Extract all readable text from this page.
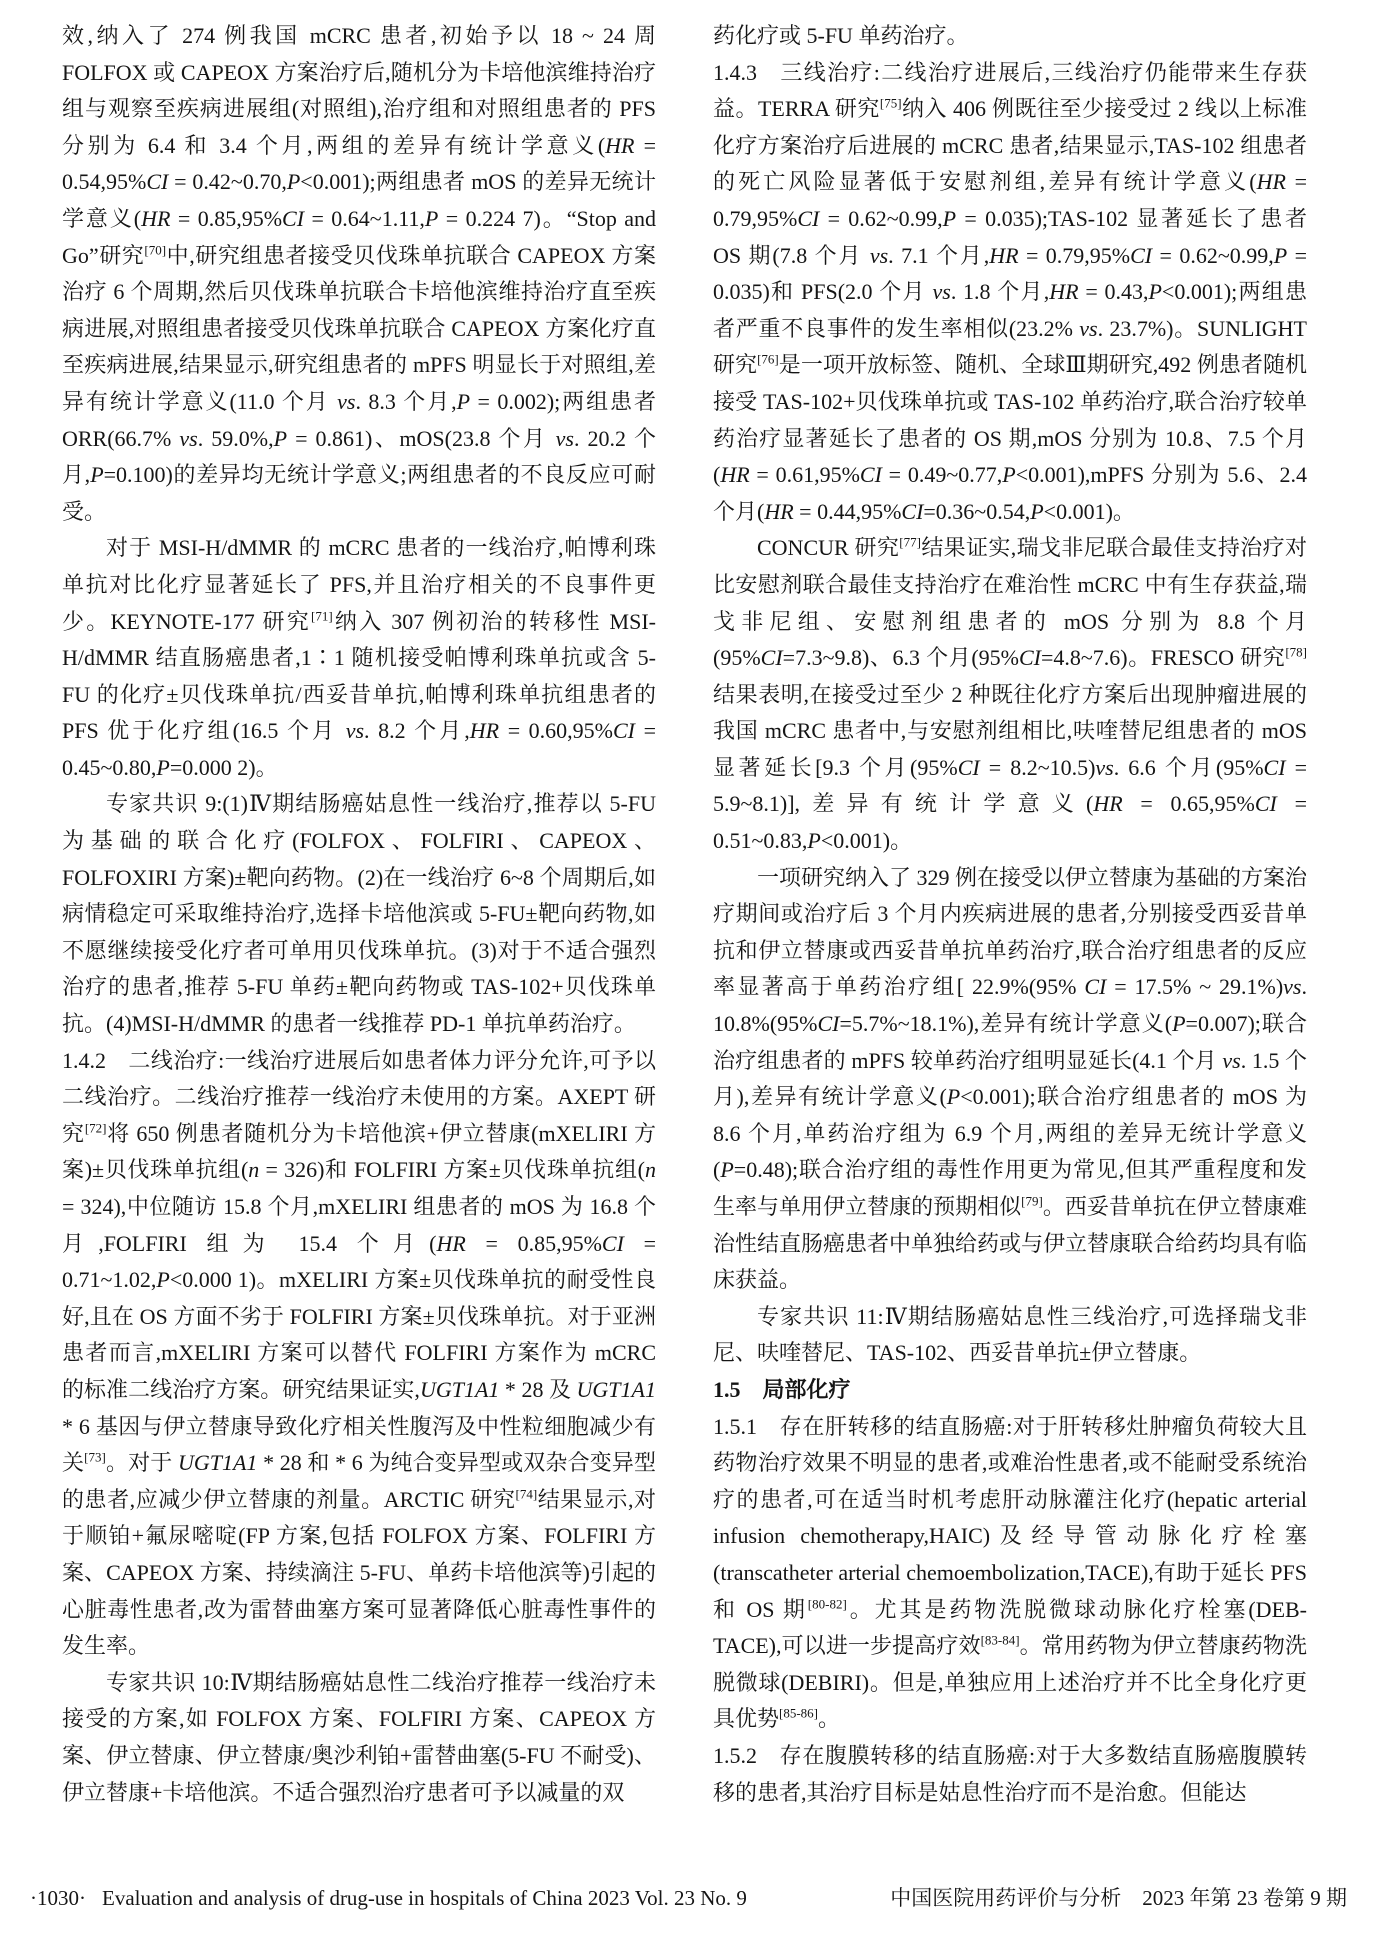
效,纳入了 274 例我国 mCRC 患者,初始予以 18 ~ 24 周 FOLFOX 或 CAPEOX 方案治疗后,随机分为卡培他滨维持治疗组与观察至疾病进展组(对照组),治疗组和对照组患者的 PFS 分别为 6.4 和 3.4 个月,两组的差异有统计学意义(HR = 0.54,95%CI = 0.42~0.70,P<0.001);两组患者 mOS 的差异无统计学意义(HR = 0.85,95%CI = 0.64~1.11,P = 0.224 7)。“Stop and Go”研究[70]中,研究组患者接受贝伐珠单抗联合 CAPEOX 方案治疗 6 个周期,然后贝伐珠单抗联合卡培他滨维持治疗直至疾病进展,对照组患者接受贝伐珠单抗联合 CAPEOX 方案化疗直至疾病进展,结果显示,研究组患者的 mPFS 明显长于对照组,差异有统计学意义(11.0 个月 vs. 8.3 个月,P = 0.002);两组患者 ORR(66.7% vs. 59.0%,P = 0.861)、mOS(23.8 个月 vs. 20.2 个月,P=0.100)的差异均无统计学意义;两组患者的不良反应可耐受。

对于 MSI-H/dMMR 的 mCRC 患者的一线治疗,帕博利珠单抗对比化疗显著延长了 PFS,并且治疗相关的不良事件更少。KEYNOTE-177 研究[71]纳入 307 例初治的转移性 MSI-H/dMMR 结直肠癌患者,1∶1 随机接受帕博利珠单抗或含 5-FU 的化疗±贝伐珠单抗/西妥昔单抗,帕博利珠单抗组患者的 PFS 优于化疗组(16.5 个月 vs. 8.2 个月,HR = 0.60,95%CI = 0.45~0.80,P=0.000 2)。

专家共识 9:(1)Ⅳ期结肠癌姑息性一线治疗,推荐以 5-FU 为基础的联合化疗(FOLFOX、FOLFIRI、CAPEOX、FOLFOXIRI 方案)±靶向药物。(2)在一线治疗 6~8 个周期后,如病情稳定可采取维持治疗,选择卡培他滨或 5-FU±靶向药物,如不愿继续接受化疗者可单用贝伐珠单抗。(3)对于不适合强烈治疗的患者,推荐 5-FU 单药±靶向药物或 TAS-102+贝伐珠单抗。(4)MSI-H/dMMR 的患者一线推荐 PD-1 单抗单药治疗。

1.4.2 二线治疗:一线治疗进展后如患者体力评分允许,可予以二线治疗。二线治疗推荐一线治疗未使用的方案。AXEPT 研究[72]将 650 例患者随机分为卡培他滨+伊立替康(mXELIRI 方案)±贝伐珠单抗组(n = 326)和 FOLFIRI 方案±贝伐珠单抗组(n = 324),中位随访 15.8 个月,mXELIRI 组患者的 mOS 为 16.8 个月,FOLFIRI 组为 15.4 个月(HR = 0.85,95%CI = 0.71~1.02,P<0.000 1)。mXELIRI 方案±贝伐珠单抗的耐受性良好,且在 OS 方面不劣于 FOLFIRI 方案±贝伐珠单抗。对于亚洲患者而言,mXELIRI 方案可以替代 FOLFIRI 方案作为 mCRC 的标准二线治疗方案。研究结果证实,UGT1A1 * 28 及 UGT1A1 * 6 基因与伊立替康导致化疗相关性腹泻及中性粒细胞减少有关[73]。对于 UGT1A1 * 28 和 * 6 为纯合变异型或双杂合变异型的患者,应减少伊立替康的剂量。ARCTIC 研究[74]结果显示,对于顺铂+氟尿嘧啶(FP 方案,包括 FOLFOX 方案、FOLFIRI 方案、CAPEOX 方案、持续滴注 5-FU、单药卡培他滨等)引起的心脏毒性患者,改为雷替曲塞方案可显著降低心脏毒性事件的发生率。

专家共识 10:Ⅳ期结肠癌姑息性二线治疗推荐一线治疗未接受的方案,如 FOLFOX 方案、FOLFIRI 方案、CAPEOX 方案、伊立替康、伊立替康/奥沙利铂+雷替曲塞(5-FU 不耐受)、伊立替康+卡培他滨。不适合强烈治疗患者可予以减量的双

药化疗或 5-FU 单药治疗。

1.4.3 三线治疗:二线治疗进展后,三线治疗仍能带来生存获益。TERRA 研究[75]纳入 406 例既往至少接受过 2 线以上标准化疗方案治疗后进展的 mCRC 患者,结果显示,TAS-102 组患者的死亡风险显著低于安慰剂组,差异有统计学意义(HR = 0.79,95%CI = 0.62~0.99,P = 0.035);TAS-102 显著延长了患者 OS 期(7.8 个月 vs. 7.1 个月,HR = 0.79,95%CI = 0.62~0.99,P = 0.035)和 PFS(2.0 个月 vs. 1.8 个月,HR = 0.43,P<0.001);两组患者严重不良事件的发生率相似(23.2% vs. 23.7%)。SUNLIGHT 研究[76]是一项开放标签、随机、全球Ⅲ期研究,492 例患者随机接受 TAS-102+贝伐珠单抗或 TAS-102 单药治疗,联合治疗较单药治疗显著延长了患者的 OS 期,mOS 分别为 10.8、7.5 个月(HR = 0.61,95%CI = 0.49~0.77,P<0.001),mPFS 分别为 5.6、2.4 个月(HR = 0.44,95%CI=0.36~0.54,P<0.001)。

CONCUR 研究[77]结果证实,瑞戈非尼联合最佳支持治疗对比安慰剂联合最佳支持治疗在难治性 mCRC 中有生存获益,瑞戈非尼组、安慰剂组患者的 mOS 分别为 8.8 个月(95%CI=7.3~9.8)、6.3 个月(95%CI=4.8~7.6)。FRESCO 研究[78]结果表明,在接受过至少 2 种既往化疗方案后出现肿瘤进展的我国 mCRC 患者中,与安慰剂组相比,呋喹替尼组患者的 mOS 显著延长[9.3 个月(95%CI = 8.2~10.5)vs. 6.6 个月(95%CI = 5.9~8.1)],差异有统计学意义(HR = 0.65,95%CI = 0.51~0.83,P<0.001)。

一项研究纳入了 329 例在接受以伊立替康为基础的方案治疗期间或治疗后 3 个月内疾病进展的患者,分别接受西妥昔单抗和伊立替康或西妥昔单抗单药治疗,联合治疗组患者的反应率显著高于单药治疗组[ 22.9%(95% CI = 17.5% ~ 29.1%)vs. 10.8%(95%CI=5.7%~18.1%),差异有统计学意义(P=0.007);联合治疗组患者的 mPFS 较单药治疗组明显延长(4.1 个月 vs. 1.5 个月),差异有统计学意义(P<0.001);联合治疗组患者的 mOS 为 8.6 个月,单药治疗组为 6.9 个月,两组的差异无统计学意义(P=0.48);联合治疗组的毒性作用更为常见,但其严重程度和发生率与单用伊立替康的预期相似[79]。西妥昔单抗在伊立替康难治性结直肠癌患者中单独给药或与伊立替康联合给药均具有临床获益。

专家共识 11:Ⅳ期结肠癌姑息性三线治疗,可选择瑞戈非尼、呋喹替尼、TAS-102、西妥昔单抗±伊立替康。

1.5 局部化疗

1.5.1 存在肝转移的结直肠癌:对于肝转移灶肿瘤负荷较大且药物治疗效果不明显的患者,或难治性患者,或不能耐受系统治疗的患者,可在适当时机考虑肝动脉灌注化疗(hepatic arterial infusion chemotherapy,HAIC)及经导管动脉化疗栓塞(transcatheter arterial chemoembolization,TACE),有助于延长 PFS 和 OS 期[80-82]。尤其是药物洗脱微球动脉化疗栓塞(DEB-TACE),可以进一步提高疗效[83-84]。常用药物为伊立替康药物洗脱微球(DEBIRI)。但是,单独应用上述治疗并不比全身化疗更具优势[85-86]。

1.5.2 存在腹膜转移的结直肠癌:对于大多数结直肠癌腹膜转移的患者,其治疗目标是姑息性治疗而不是治愈。但能达

·1030· Evaluation and analysis of drug-use in hospitals of China 2023 Vol. 23 No. 9	中国医院用药评价与分析 2023 年第 23 卷第 9 期
